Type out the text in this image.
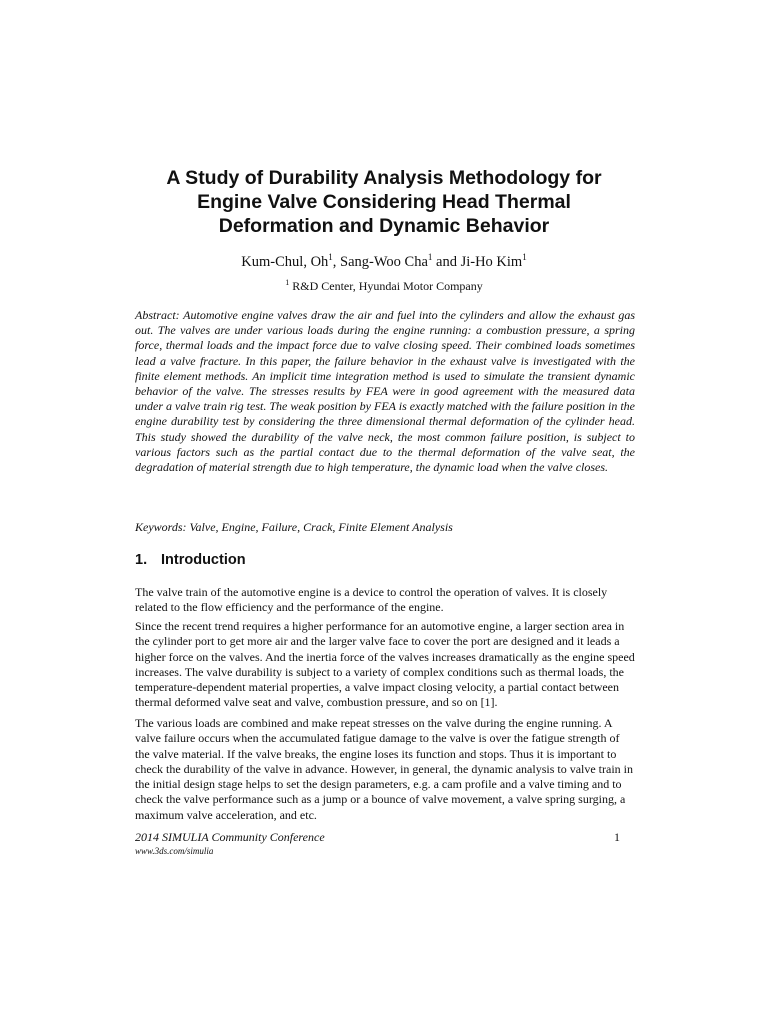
A Study of Durability Analysis Methodology for
Engine Valve Considering Head Thermal
Deformation and Dynamic Behavior
Kum-Chul, Oh$^1$, Sang-Woo Cha$^1$ and Ji-Ho Kim$^1$
$^1$ R&D Center, Hyundai Motor Company

Abstract: Automotive engine valves draw the air and fuel into the cylinders and allow the exhaust gas out. The valves are under various loads during the engine running: a combustion pressure, a spring force, thermal loads and the impact force due to valve closing speed. Their combined loads sometimes lead a valve fracture. In this paper, the failure behavior in the exhaust valve is investigated with the finite element methods. An implicit time integration method is used to simulate the transient dynamic behavior of the valve. The stresses results by FEA were in good agreement with the measured data under a valve train rig test. The weak position by FEA is exactly matched with the failure position in the engine durability test by considering the three dimensional thermal deformation of the cylinder head. This study showed the durability of the valve neck, the most common failure position, is subject to various factors such as the partial contact due to the thermal deformation of the valve seat, the degradation of material strength due to high temperature, the dynamic load when the valve closes.

Keywords: Valve, Engine, Failure, Crack, Finite Element Analysis

1. Introduction

The valve train of the automotive engine is a device to control the operation of valves. It is closely related to the flow efficiency and the performance of the engine.

Since the recent trend requires a higher performance for an automotive engine, a larger section area in the cylinder port to get more air and the larger valve face to cover the port are designed and it leads a higher force on the valves. And the inertia force of the valves increases dramatically as the engine speed increases. The valve durability is subject to a variety of complex conditions such as thermal loads, the temperature-dependent material properties, a valve impact closing velocity, a partial contact between thermal deformed valve seat and valve, combustion pressure, and so on [1].

The various loads are combined and make repeat stresses on the valve during the engine running. A valve failure occurs when the accumulated fatigue damage to the valve is over the fatigue strength of the valve material. If the valve breaks, the engine loses its function and stops. Thus it is important to check the durability of the valve in advance. However, in general, the dynamic analysis to valve train in the initial design stage helps to set the design parameters, e.g. a cam profile and a valve timing and to check the valve performance such as a jump or a bounce of valve movement, a valve spring surging, a maximum valve acceleration, and etc.

2014 SIMULIA Community Conference
www.3ds.com/simulia
1
